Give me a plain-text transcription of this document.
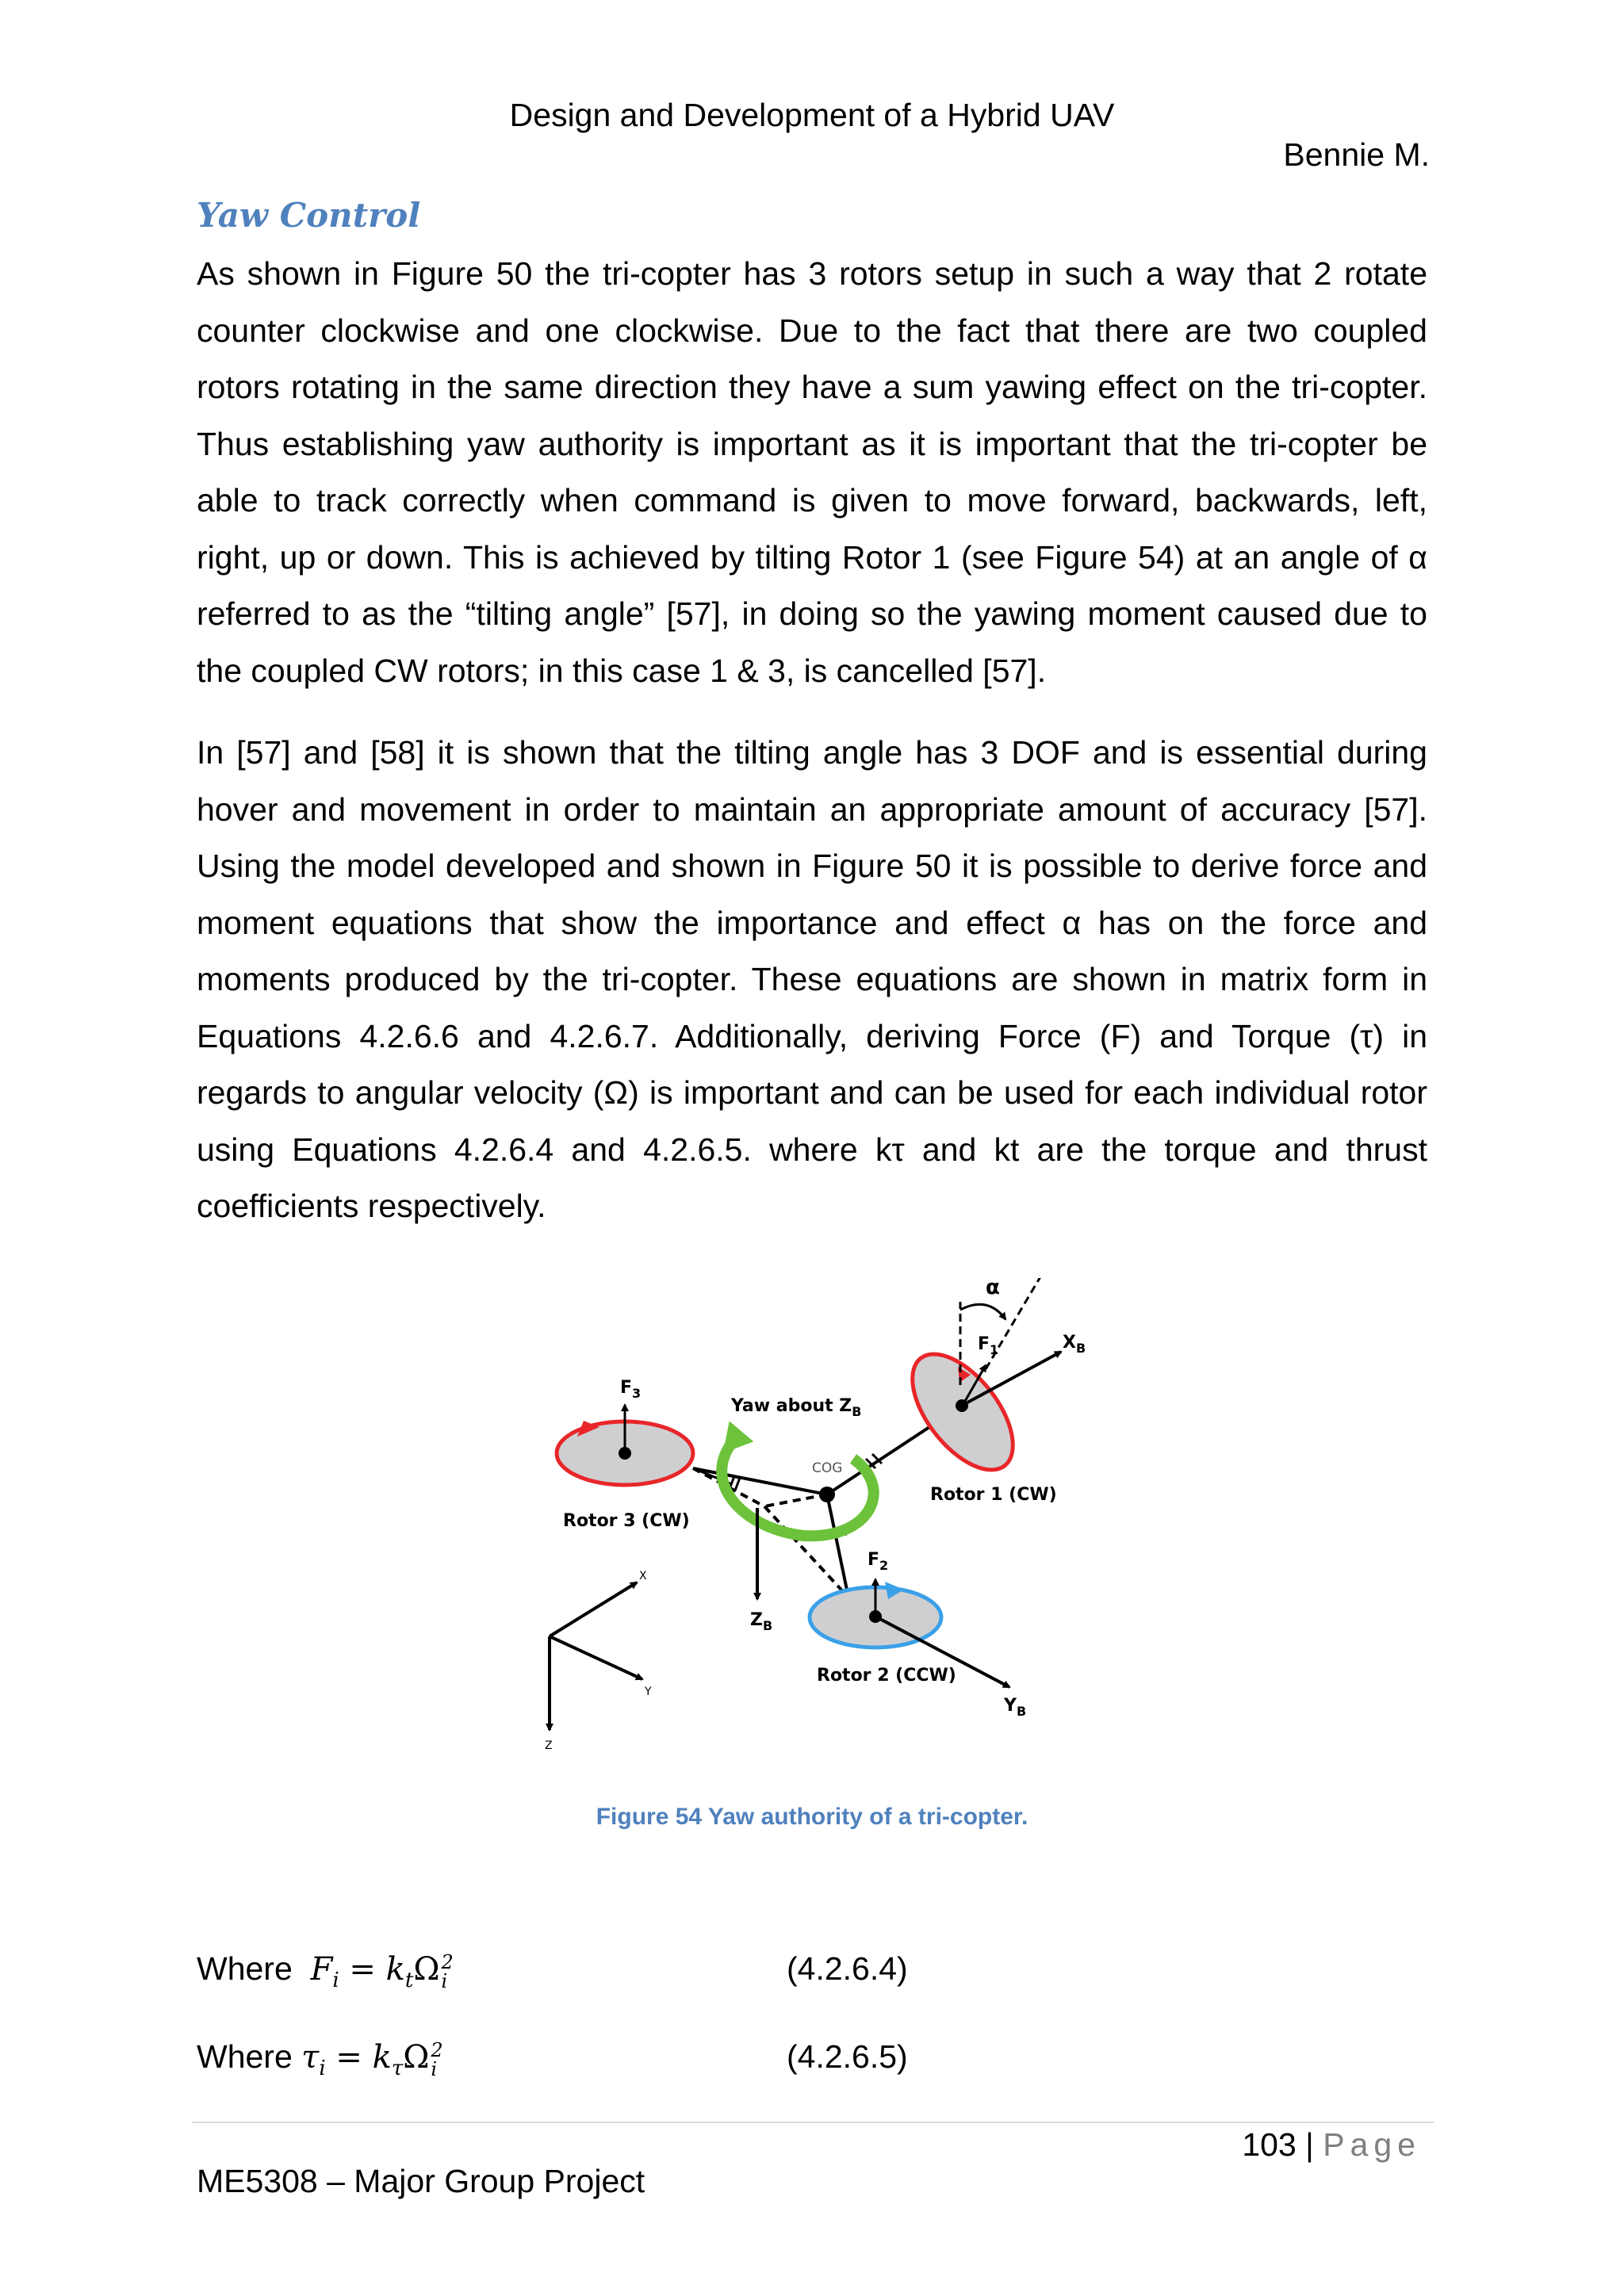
Design and Development of a Hybrid UAV
Bennie M.
Yaw Control

As shown in Figure 50 the tri-copter has 3 rotors setup in such a way that 2 rotate counter clockwise and one clockwise. Due to the fact that there are two coupled rotors rotating in the same direction they have a sum yawing effect on the tri-copter. Thus establishing yaw authority is important as it is important that the tri-copter be able to track correctly when command is given to move forward, backwards, left, right, up or down. This is achieved by tilting Rotor 1 (see Figure 54) at an angle of α referred to as the “tilting angle” [57], in doing so the yawing moment caused due to the coupled CW rotors; in this case 1 & 3, is cancelled [57].

In [57] and [58] it is shown that the tilting angle has 3 DOF and is essential during hover and movement in order to maintain an appropriate amount of accuracy [57]. Using the model developed and shown in Figure 50 it is possible to derive force and moment equations that show the importance and effect α has on the force and moments produced by the tri-copter. These equations are shown in matrix form in Equations 4.2.6.6 and 4.2.6.7. Additionally, deriving Force (F) and Torque (τ) in regards to angular velocity (Ω) is important and can be used for each individual rotor using Equations 4.2.6.4 and 4.2.6.5. where kτ and kt are the torque and thrust coefficients respectively.

$F_3$
Rotor 3 (CW)
α
$F_1$	$X_B$
Rotor 1 (CW)
Yaw about $Z_B$
COG
$F_2$
Rotor 2 (CCW)
$Y_B$
$Z_B$
X
Y
Z
Figure 54 Yaw authority of a tri-copter.
Where $F_i = k_t\Omega$ 2
i	(4.2.6.4)
Where $\tau_i = k_\tau\Omega$ 2
i	(4.2.6.5)
103 | Page
ME5308 – Major Group Project
